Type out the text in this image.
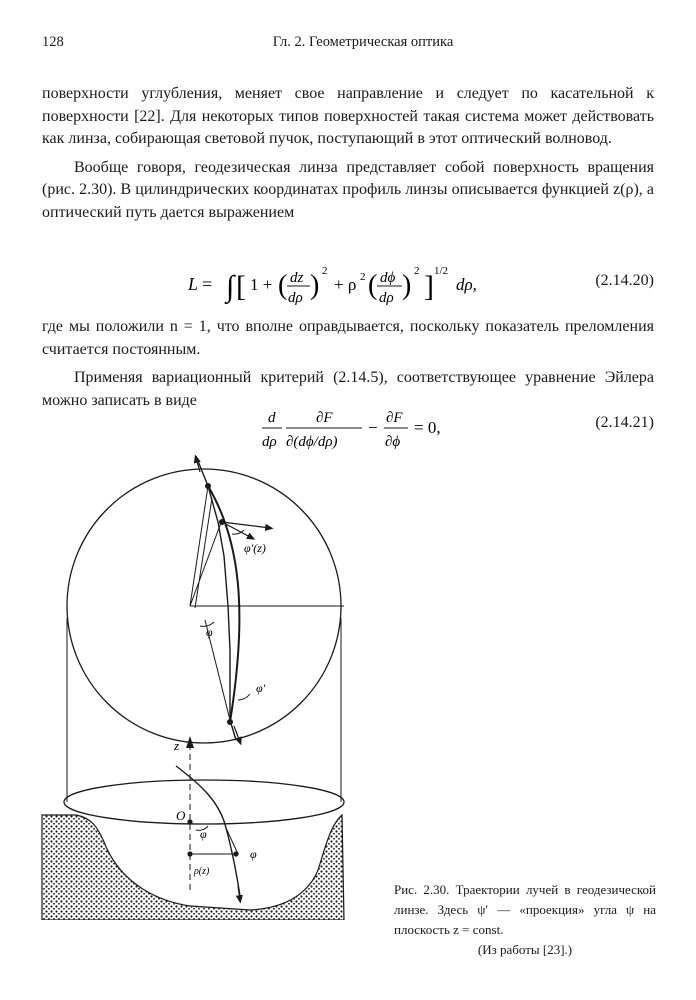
128	Гл. 2. Геометрическая оптика

поверхности углубления, меняет свое направление и следует по касательной к поверхности [22]. Для некоторых типов поверхностей такая система может действовать как линза, собирающая световой пучок, поступающий в этот оптический волновод.

Вообще говоря, геодезическая линза представляет собой поверхность вращения (рис. 2.30). В цилиндрических координатах профиль линзы описывается функцией z(ρ), а оптический путь дается выражением

L = ∫ [ 1 + ( dz
dρ ) 2
+ ρ 2 ( dϕ
dρ ) 2 ] 1/2
dρ,	(2.14.20)

где мы положили n = 1, что вполне оправдывается, поскольку показатель преломления считается постоянным.

Применяя вариационный критерий (2.14.5), соответствующее уравнение Эйлера можно записать в виде

d
dρ
∂F
∂(dϕ/dρ)
− ∂F
∂ϕ
= 0,	(2.14.21)
φ′(z)
φ
φ′
z
O
φ
φ
ρ(z)
Рис. 2.30. Траектории лучей в геодезической линзе. Здесь ψ′ — «проекция» угла ψ на плоскость z = const.
(Из работы [23].)
